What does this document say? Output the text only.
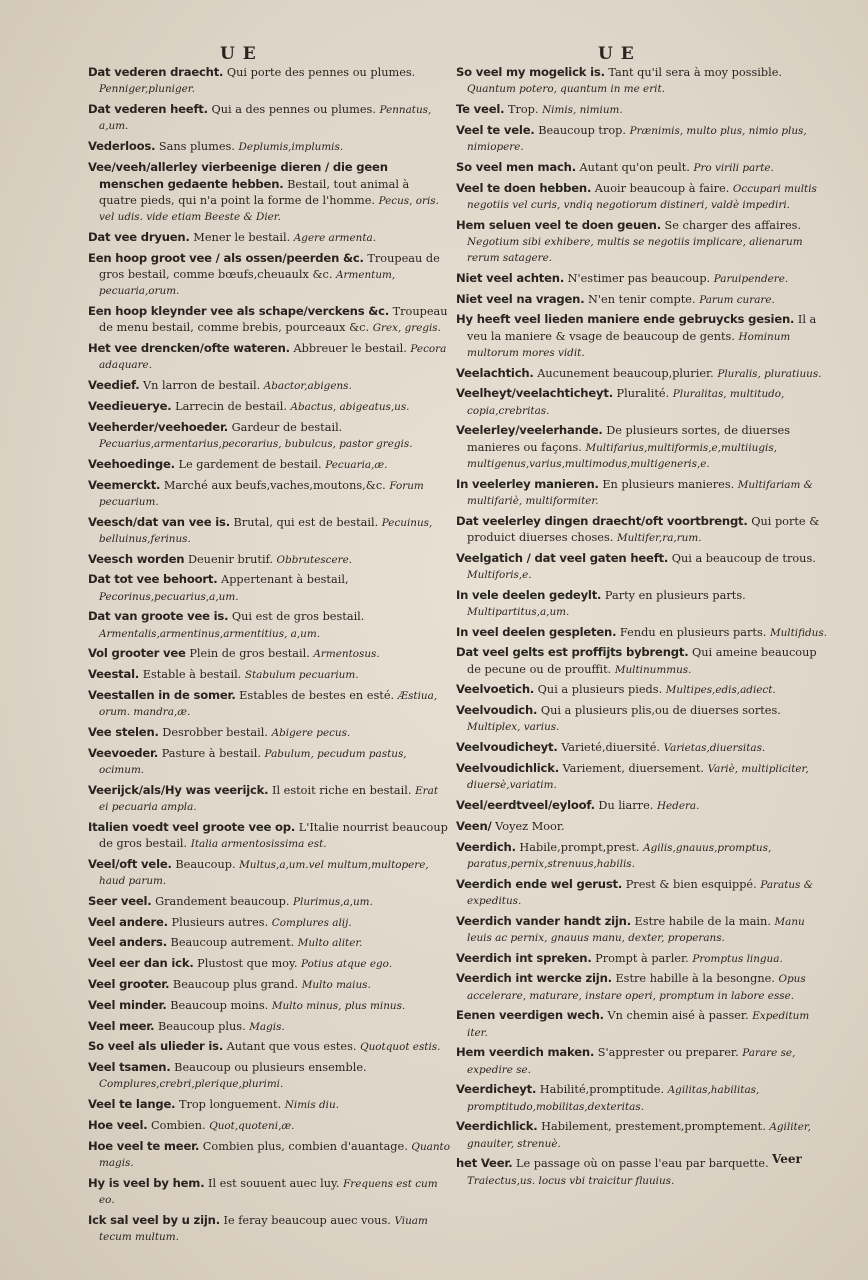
U E	U E

Dat vederen draecht. Qui porte des pennes ou plumes. Penniger,pluniger.

Dat vederen heeft. Qui a des pennes ou plumes. Pennatus, a,um.

Vederloos. Sans plumes. Deplumis,implumis.

Vee/veeh/allerley vierbeenige dieren / die geen menschen gedaente hebben. Bestail, tout animal à quatre pieds, qui n'a point la forme de l'homme. Pecus, oris. vel udis. vide etiam Beeste & Dier.

Dat vee dryuen. Mener le bestail. Agere armenta.

Een hoop groot vee / als ossen/peerden &c. Troupeau de gros bestail, comme bœufs,cheuaulx &c. Armentum, pecuaria,orum.

Een hoop kleynder vee als schape/verckens &c. Troupeau de menu bestail, comme brebis, pourceaux &c. Grex, gregis.

Het vee drencken/ofte wateren. Abbreuer le bestail. Pecora adaquare.

Veedief. Vn larron de bestail. Abactor,abigens.

Veedieuerye. Larrecin de bestail. Abactus, abigeatus,us.

Veeherder/veehoeder. Gardeur de bestail. Pecuarius,armentarius,pecorarius, bubulcus, pastor gregis.

Veehoedinge. Le gardement de bestail. Pecuaria,æ.

Veemerckt. Marché aux beufs,vaches,moutons,&c. Forum pecuarium.

Veesch/dat van vee is. Brutal, qui est de bestail. Pecuinus, belluinus,ferinus.

Veesch worden Deuenir brutif. Obbrutescere.

Dat tot vee behoort. Appertenant à bestail, Pecorinus,pecuarius,a,um.

Dat van groote vee is. Qui est de gros bestail. Armentalis,armentinus,armentitius, a,um.

Vol grooter vee Plein de gros bestail. Armentosus.

Veestal. Estable à bestail. Stabulum pecuarium.

Veestallen in de somer. Estables de bestes en esté. Æstiua, orum. mandra,æ.

Vee stelen. Desrobber bestail. Abigere pecus.

Veevoeder. Pasture à bestail. Pabulum, pecudum pastus, ocimum.

Veerijck/als/Hy was veerijck. Il estoit riche en bestail. Erat ei pecuaria ampla.

Italien voedt veel groote vee op. L'Italie nourrist beaucoup de gros bestail. Italia armentosissima est.

Veel/oft vele. Beaucoup. Multus,a,um.vel multum,multopere, haud parum.

Seer veel. Grandement beaucoup. Plurimus,a,um.

Veel andere. Plusieurs autres. Complures alij.

Veel anders. Beaucoup autrement. Multo aliter.

Veel eer dan ick. Plustost que moy. Potius atque ego.

Veel grooter. Beaucoup plus grand. Multo maius.

Veel minder. Beaucoup moins. Multo minus, plus minus.

Veel meer. Beaucoup plus. Magis.

So veel als ulieder is. Autant que vous estes. Quotquot estis.

Veel tsamen. Beaucoup ou plusieurs ensemble. Complures,crebri,plerique,plurimi.

Veel te lange. Trop longuement. Nimis diu.

Hoe veel. Combien. Quot,quoteni,æ.

Hoe veel te meer. Combien plus, combien d'auantage. Quanto magis.

Hy is veel by hem. Il est souuent auec luy. Frequens est cum eo.

Ick sal veel by u zijn. Ie feray beaucoup auec vous. Viuam tecum multum.

So veel my mogelick is. Tant qu'il sera à moy possible. Quantum potero, quantum in me erit.

Te veel. Trop. Nimis, nimium.

Veel te vele. Beaucoup trop. Prænimis, multo plus, nimio plus, nimiopere.

So veel men mach. Autant qu'on peult. Pro virili parte.

Veel te doen hebben. Auoir beaucoup à faire. Occupari multis negotiis vel curis, vndiq negotiorum distineri, valdè impediri.

Hem seluen veel te doen geuen. Se charger des affaires. Negotium sibi exhibere, multis se negotiis implicare, alienarum rerum satagere.

Niet veel achten. N'estimer pas beaucoup. Paruipendere.

Niet veel na vragen. N'en tenir compte. Parum curare.

Hy heeft veel lieden maniere ende gebruycks gesien. Il a veu la maniere & vsage de beaucoup de gents. Hominum multorum mores vidit.

Veelachtich. Aucunement beaucoup,plurier. Pluralis, pluratiuus.

Veelheyt/veelachticheyt. Pluralité. Pluralitas, multitudo, copia,crebritas.

Veelerley/veelerhande. De plusieurs sortes, de diuerses manieres ou façons. Multifarius,multiformis,e,multiiugis, multigenus,varius,multimodus,multigeneris,e.

In veelerley manieren. En plusieurs manieres. Multifariam & multifariè, multiformiter.

Dat veelerley dingen draecht/oft voortbrengt. Qui porte & produict diuerses choses. Multifer,ra,rum.

Veelgatich / dat veel gaten heeft. Qui a beaucoup de trous. Multiforis,e.

In vele deelen gedeylt. Party en plusieurs parts. Multipartitus,a,um.

In veel deelen gespleten. Fendu en plusieurs parts. Multifidus.

Dat veel gelts est proffijts bybrengt. Qui ameine beaucoup de pecune ou de prouffit. Multinummus.

Veelvoetich. Qui a plusieurs pieds. Multipes,edis,adiect.

Veelvoudich. Qui a plusieurs plis,ou de diuerses sortes. Multiplex, varius.

Veelvoudicheyt. Varieté,diuersité. Varietas,diuersitas.

Veelvoudichlick. Variement, diuersement. Variè, multipliciter, diuersè,variatim.

Veel/eerdtveel/eyloof. Du liarre. Hedera.

Veen/ Voyez Moor.

Veerdich. Habile,prompt,prest. Agilis,gnauus,promptus, paratus,pernix,strenuus,habilis.

Veerdich ende wel gerust. Prest & bien esquippé. Paratus & expeditus.

Veerdich vander handt zijn. Estre habile de la main. Manu leuis ac pernix, gnauus manu, dexter, properans.

Veerdich int spreken. Prompt à parler. Promptus lingua.

Veerdich int wercke zijn. Estre habille à la besongne. Opus accelerare, maturare, instare operi, promptum in labore esse.

Eenen veerdigen wech. Vn chemin aisé à passer. Expeditum iter.

Hem veerdich maken. S'apprester ou preparer. Parare se, expedire se.

Veerdicheyt. Habilité,promptitude. Agilitas,habilitas, promptitudo,mobilitas,dexteritas.

Veerdichlick. Habilement, prestement,promptement. Agiliter, gnauiter, strenuè.

het Veer. Le passage où on passe l'eau par barquette. Traiectus,us. locus vbi traicitur fluuius.

Veer
